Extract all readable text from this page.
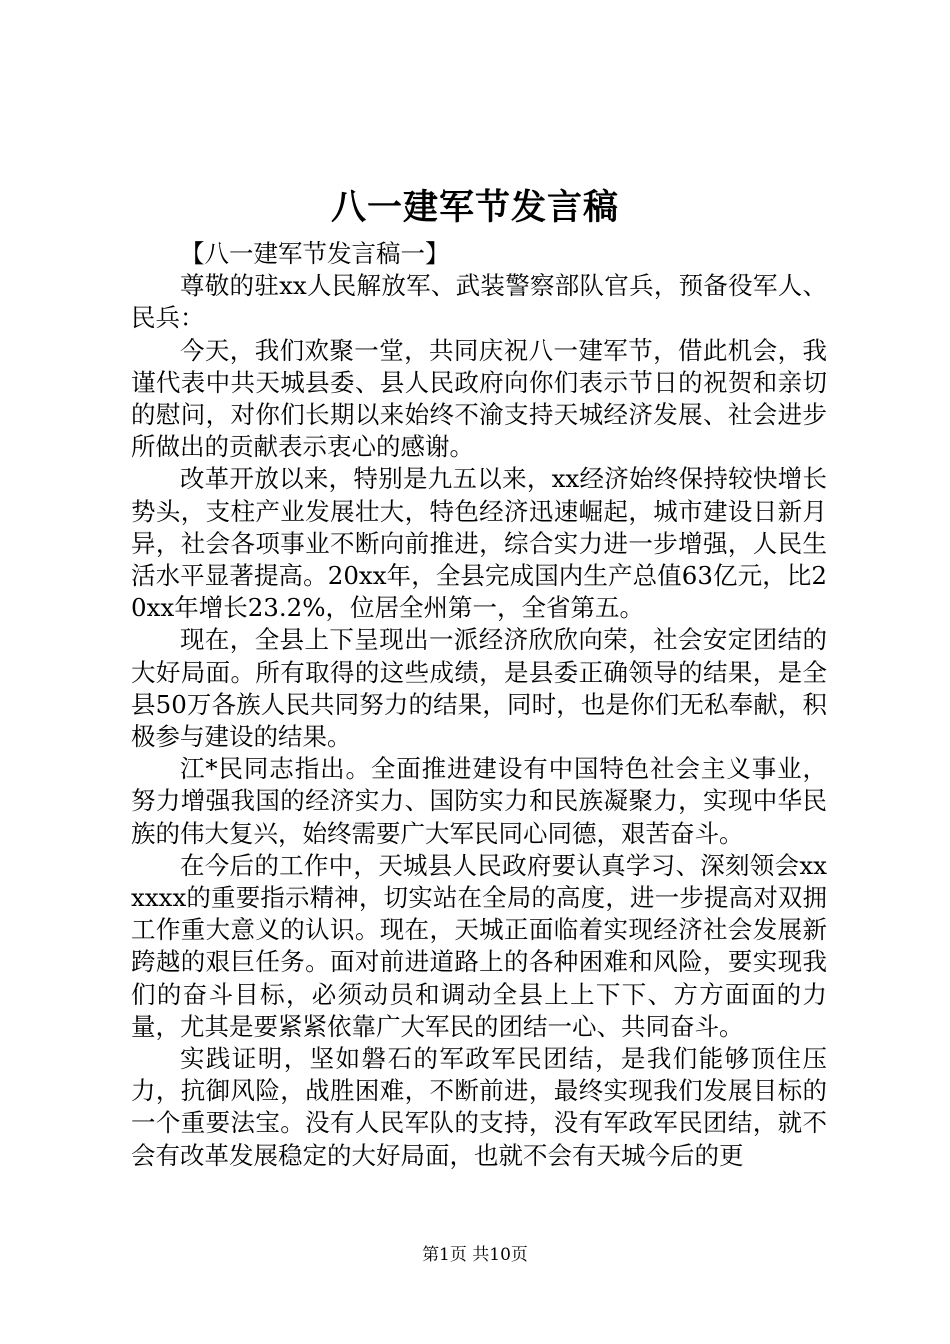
八一建军节发言稿

【八一建军节发言稿一】

尊敬的驻xx人民解放军、武装警察部队官兵，预备役军人、民兵：

今天，我们欢聚一堂，共同庆祝八一建军节，借此机会，我谨代表中共天城县委、县人民政府向你们表示节日的祝贺和亲切的慰问，对你们长期以来始终不渝支持天城经济发展、社会进步所做出的贡献表示衷心的感谢。

改革开放以来，特别是九五以来，xx经济始终保持较快增长势头，支柱产业发展壮大，特色经济迅速崛起，城市建设日新月异，社会各项事业不断向前推进，综合实力进一步增强，人民生活水平显著提高。20xx年，全县完成国内生产总值63亿元，比20xx年增长23.2%，位居全州第一，全省第五。

现在，全县上下呈现出一派经济欣欣向荣，社会安定团结的大好局面。所有取得的这些成绩，是县委正确领导的结果，是全县50万各族人民共同努力的结果，同时，也是你们无私奉献，积极参与建设的结果。

江*民同志指出。全面推进建设有中国特色社会主义事业，努力增强我国的经济实力、国防实力和民族凝聚力，实现中华民族的伟大复兴，始终需要广大军民同心同德，艰苦奋斗。

在今后的工作中，天城县人民政府要认真学习、深刻领会xxxxxx的重要指示精神，切实站在全局的高度，进一步提高对双拥工作重大意义的认识。现在，天城正面临着实现经济社会发展新跨越的艰巨任务。面对前进道路上的各种困难和风险，要实现我们的奋斗目标，必须动员和调动全县上上下下、方方面面的力量，尤其是要紧紧依靠广大军民的团结一心、共同奋斗。

实践证明，坚如磐石的军政军民团结，是我们能够顶住压力，抗御风险，战胜困难，不断前进，最终实现我们发展目标的一个重要法宝。没有人民军队的支持，没有军政军民团结，就不会有改革发展稳定的大好局面，也就不会有天城今后的更

第1页 共10页
